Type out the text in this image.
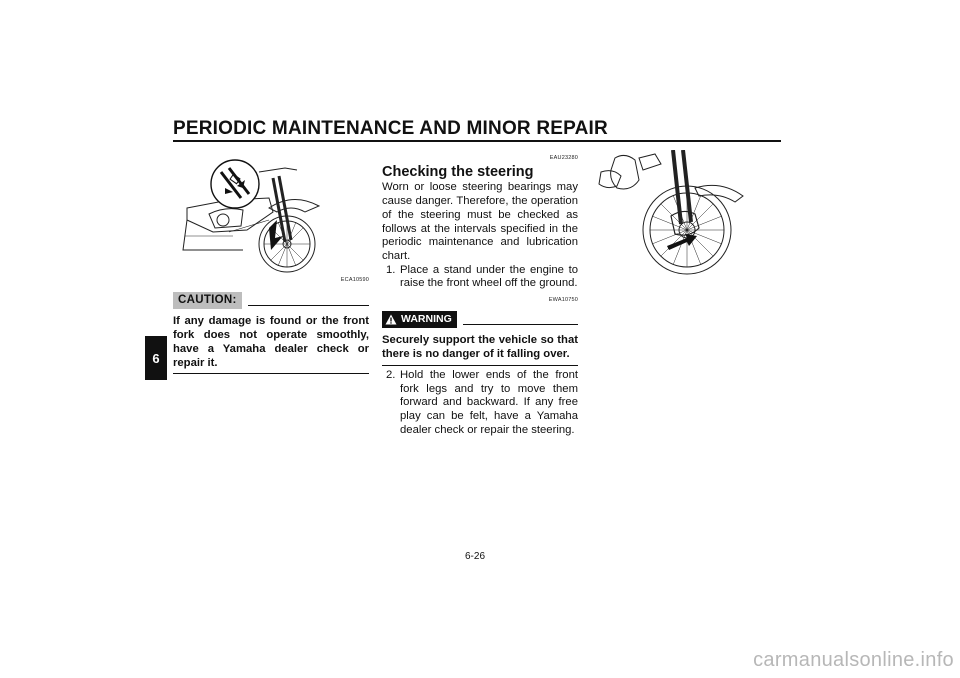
PERIODIC MAINTENANCE AND MINOR REPAIR
6
ECA10590
CAUTION:
If any damage is found or the front fork does not operate smoothly, have a Yamaha dealer check or repair it.
EAU23280
Checking the steering

Worn or loose steering bearings may cause danger. Therefore, the operation of the steering must be checked as follows at the intervals specified in the periodic maintenance and lubrication chart.

1. Place a stand under the engine to raise the front wheel off the ground.
EWA10750
WARNING
Securely support the vehicle so that there is no danger of it falling over.
2. Hold the lower ends of the front fork legs and try to move them forward and backward. If any free play can be felt, have a Yamaha dealer check or repair the steering.
6-26
carmanualsonline.info
